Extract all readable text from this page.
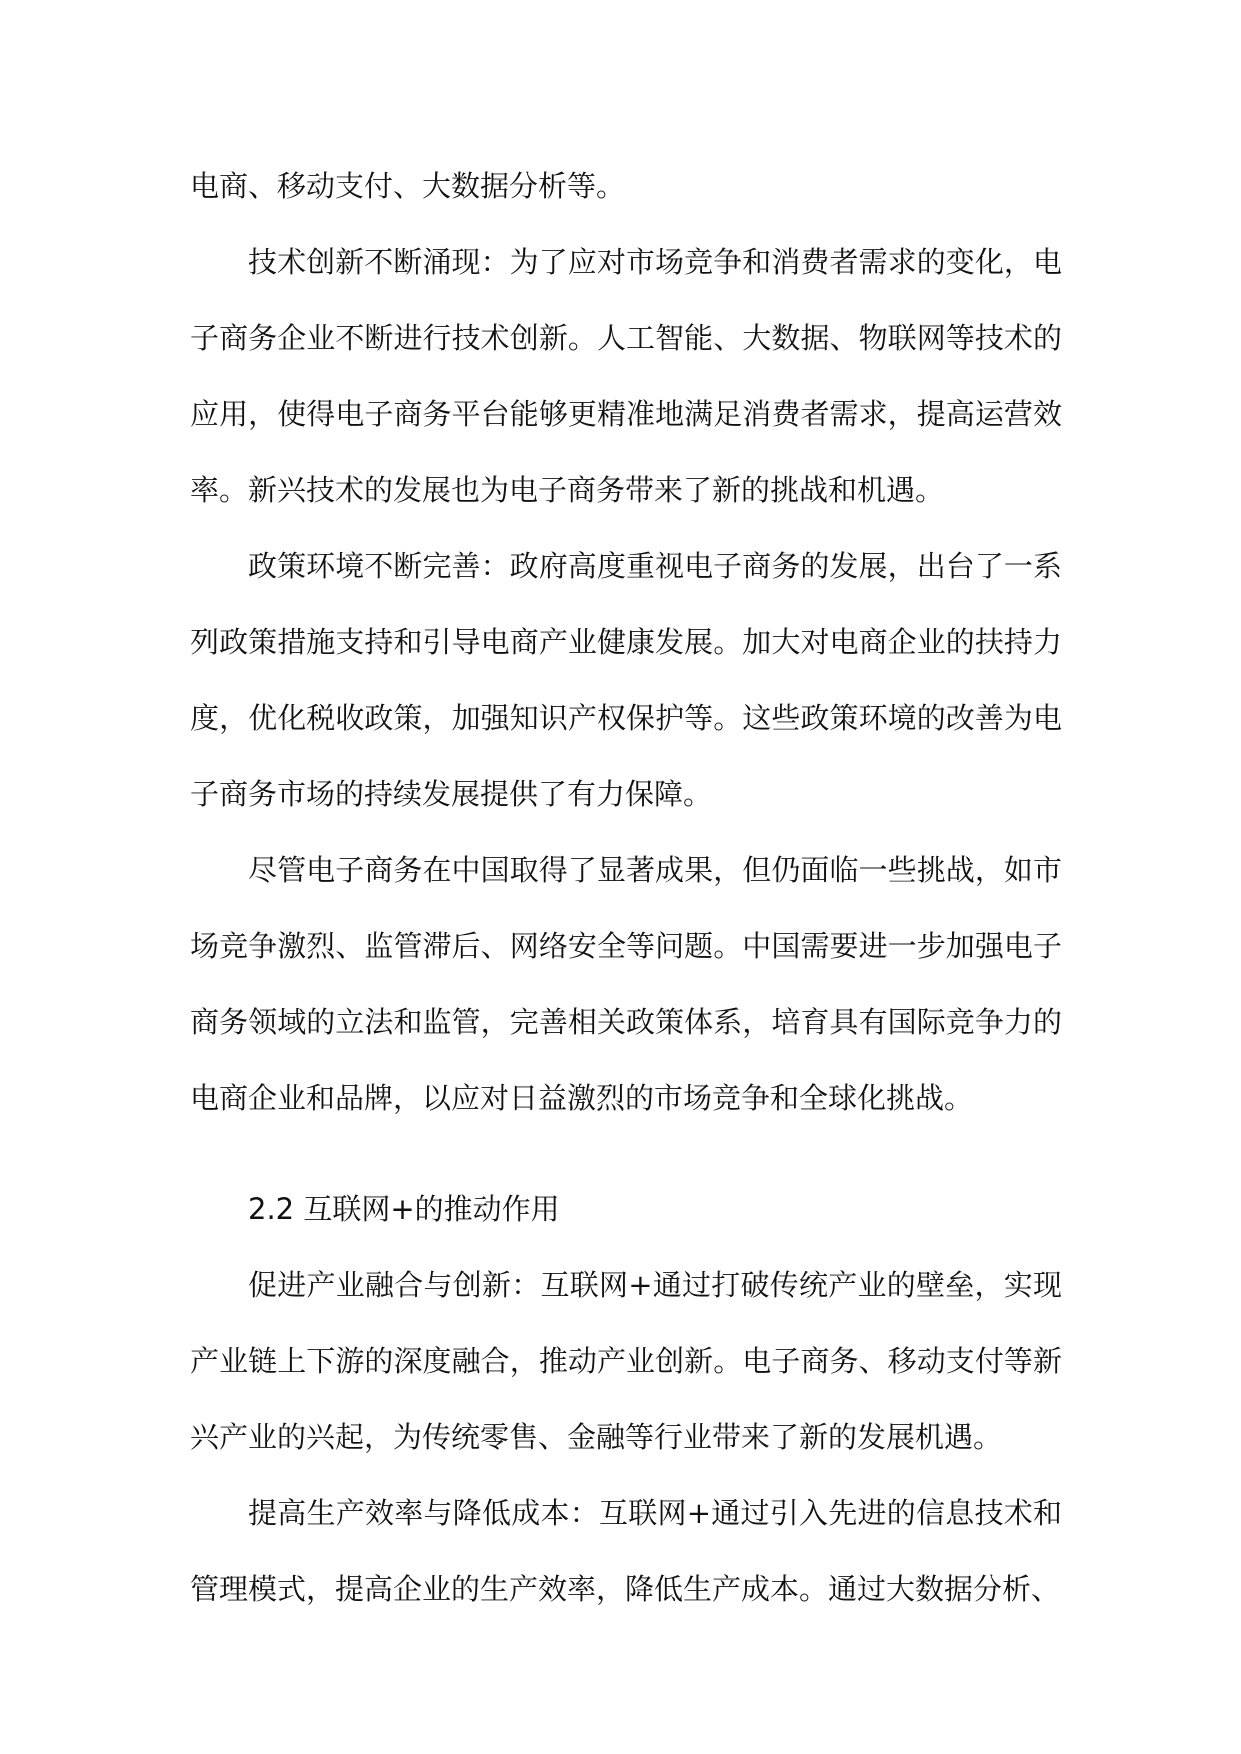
电商、移动支付、大数据分析等。

技术创新不断涌现：为了应对市场竞争和消费者需求的变化，电子商务企业不断进行技术创新。人工智能、大数据、物联网等技术的应用，使得电子商务平台能够更精准地满足消费者需求，提高运营效率。新兴技术的发展也为电子商务带来了新的挑战和机遇。

政策环境不断完善：政府高度重视电子商务的发展，出台了一系列政策措施支持和引导电商产业健康发展。加大对电商企业的扶持力度，优化税收政策，加强知识产权保护等。这些政策环境的改善为电子商务市场的持续发展提供了有力保障。

尽管电子商务在中国取得了显著成果，但仍面临一些挑战，如市场竞争激烈、监管滞后、网络安全等问题。中国需要进一步加强电子商务领域的立法和监管，完善相关政策体系，培育具有国际竞争力的电商企业和品牌，以应对日益激烈的市场竞争和全球化挑战。

2.2 互联网+的推动作用

促进产业融合与创新：互联网+通过打破传统产业的壁垒，实现产业链上下游的深度融合，推动产业创新。电子商务、移动支付等新兴产业的兴起，为传统零售、金融等行业带来了新的发展机遇。

提高生产效率与降低成本：互联网+通过引入先进的信息技术和管理模式，提高企业的生产效率，降低生产成本。通过大数据分析、
